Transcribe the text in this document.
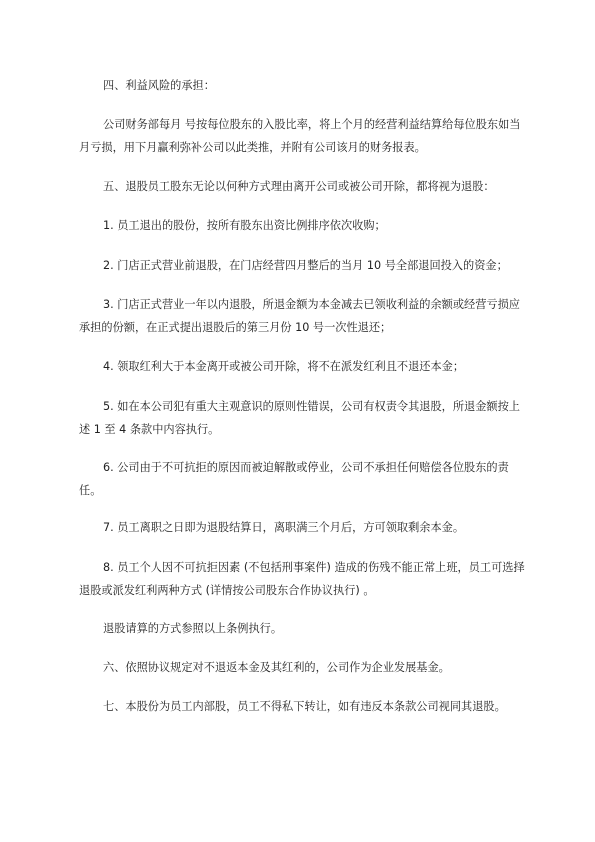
四、利益风险的承担：

公司财务部每月 号按每位股东的入股比率，将上个月的经营利益结算给每位股东如当月亏损，用下月赢利弥补公司以此类推，并附有公司该月的财务报表。

五、退股员工股东无论以何种方式理由离开公司或被公司开除，都将视为退股：

1. 员工退出的股份，按所有股东出资比例排序依次收购；

2. 门店正式营业前退股，在门店经营四月整后的当月 10 号全部退回投入的资金；

3. 门店正式营业一年以内退股，所退金额为本金减去已领收利益的余额或经营亏损应承担的份额，在正式提出退股后的第三月份 10 号一次性退还；

4. 领取红利大于本金离开或被公司开除，将不在派发红利且不退还本金；

5. 如在本公司犯有重大主观意识的原则性错误，公司有权责令其退股，所退金额按上述 1 至 4 条款中内容执行。

6. 公司由于不可抗拒的原因而被迫解散或停业，公司不承担任何赔偿各位股东的责任。

7. 员工离职之日即为退股结算日，离职满三个月后，方可领取剩余本金。

8. 员工个人因不可抗拒因素 (不包括刑事案件) 造成的伤残不能正常上班，员工可选择退股或派发红利两种方式 (详情按公司股东合作协议执行) 。

退股请算的方式参照以上条例执行。

六、依照协议规定对不退返本金及其红利的，公司作为企业发展基金。

七、本股份为员工内部股，员工不得私下转让，如有违反本条款公司视同其退股。
